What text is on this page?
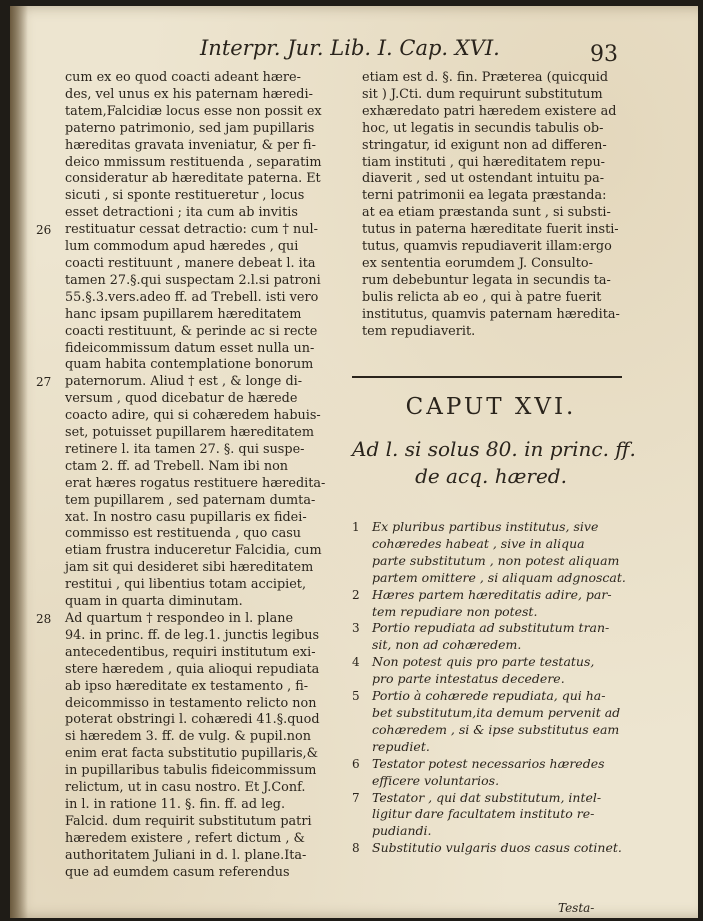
Interpr. Jur. Lib. I. Cap. XVI.	93
cum ex eo quod coacti adeant hære-
des, vel unus ex his paternam hæredi-
tatem,Falcidiæ locus esse non possit ex
paterno patrimonio, sed jam pupillaris
hæreditas gravata inveniatur, & per fi-
deico mmissum restituenda , separatim
consideratur ab hæreditate paterna. Et
sicuti , si sponte restitueretur , locus
esset detractioni ; ita cum ab invitis
26 restituatur cessat detractio: cum † nul-
lum commodum apud hæredes , qui
coacti restituunt , manere debeat l. ita
tamen 27.§.qui suspectam 2.l.si patroni
55.§.3.vers.adeo ff. ad Trebell. isti vero
hanc ipsam pupillarem hæreditatem
coacti restituunt, & perinde ac si recte
fideicommissum datum esset nulla un-
quam habita contemplatione bonorum
27 paternorum. Aliud † est , & longe di-
versum , quod dicebatur de hærede
coacto adire, qui si cohæredem habuis-
set, potuisset pupillarem hæreditatem
retinere l. ita tamen 27. §. qui suspe-
ctam 2. ff. ad Trebell. Nam ibi non
erat hæres rogatus restituere hæredita-
tem pupillarem , sed paternam dumta-
xat. In nostro casu pupillaris ex fidei-
commisso est restituenda , quo casu
etiam frustra induceretur Falcidia, cum
jam sit qui desideret sibi hæreditatem
restitui , qui libentius totam accipiet,
quam in quarta diminutam.
28 Ad quartum † respondeo in l. plane
94. in princ. ff. de leg.1. junctis legibus
antecedentibus, requiri institutum exi-
stere hæredem , quia alioqui repudiata
ab ipso hæreditate ex testamento , fi-
deicommisso in testamento relicto non
poterat obstringi l. cohæredi 41.§.quod
si hæredem 3. ff. de vulg. & pupil.non
enim erat facta substitutio pupillaris,&
in pupillaribus tabulis fideicommissum
relictum, ut in casu nostro. Et J.Conf.
in l. in ratione 11. §. fin. ff. ad leg.
Falcid. dum requirit substitutum patri
hæredem existere , refert dictum , &
authoritatem Juliani in d. l. plane.Ita-
que ad eumdem casum referendus
etiam est d. §. fin. Præterea (quicquid
sit ) J.Cti. dum requirunt substitutum
exhæredato patri hæredem existere ad
hoc, ut legatis in secundis tabulis ob-
stringatur, id exigunt non ad differen-
tiam instituti , qui hæreditatem repu-
diaverit , sed ut ostendant intuitu pa-
terni patrimonii ea legata præstanda:
at ea etiam præstanda sunt , si substi-
tutus in paterna hæreditate fuerit insti-
tutus, quamvis repudiaverit illam:ergo
ex sententia eorumdem J. Consulto-
rum debebuntur legata in secundis ta-
bulis relicta ab eo , qui à patre fuerit
institutus, quamvis paternam hæredita-
tem repudiaverit.
CAPUT XVI.
Ad l. si solus 80. in princ. ff.
de acq. hæred.
1 Ex pluribus partibus institutus, sive
cohæredes habeat , sive in aliqua
parte substitutum , non potest aliquam
partem omittere , si aliquam adgnoscat.
2 Hæres partem hæreditatis adire, par-
tem repudiare non potest.
3 Portio repudiata ad substitutum tran-
sit, non ad cohæredem.
4 Non potest quis pro parte testatus,
pro parte intestatus decedere.
5 Portio à cohærede repudiata, qui ha-
bet substitutum,ita demum pervenit ad
cohæredem , si & ipse substitutus eam
repudiet.
6 Testator potest necessarios hæredes
efficere voluntarios.
7 Testator , qui dat substitutum, intel-
ligitur dare facultatem instituto re-
pudiandi.
8 Substitutio vulgaris duos casus cotinet.
Testa-
